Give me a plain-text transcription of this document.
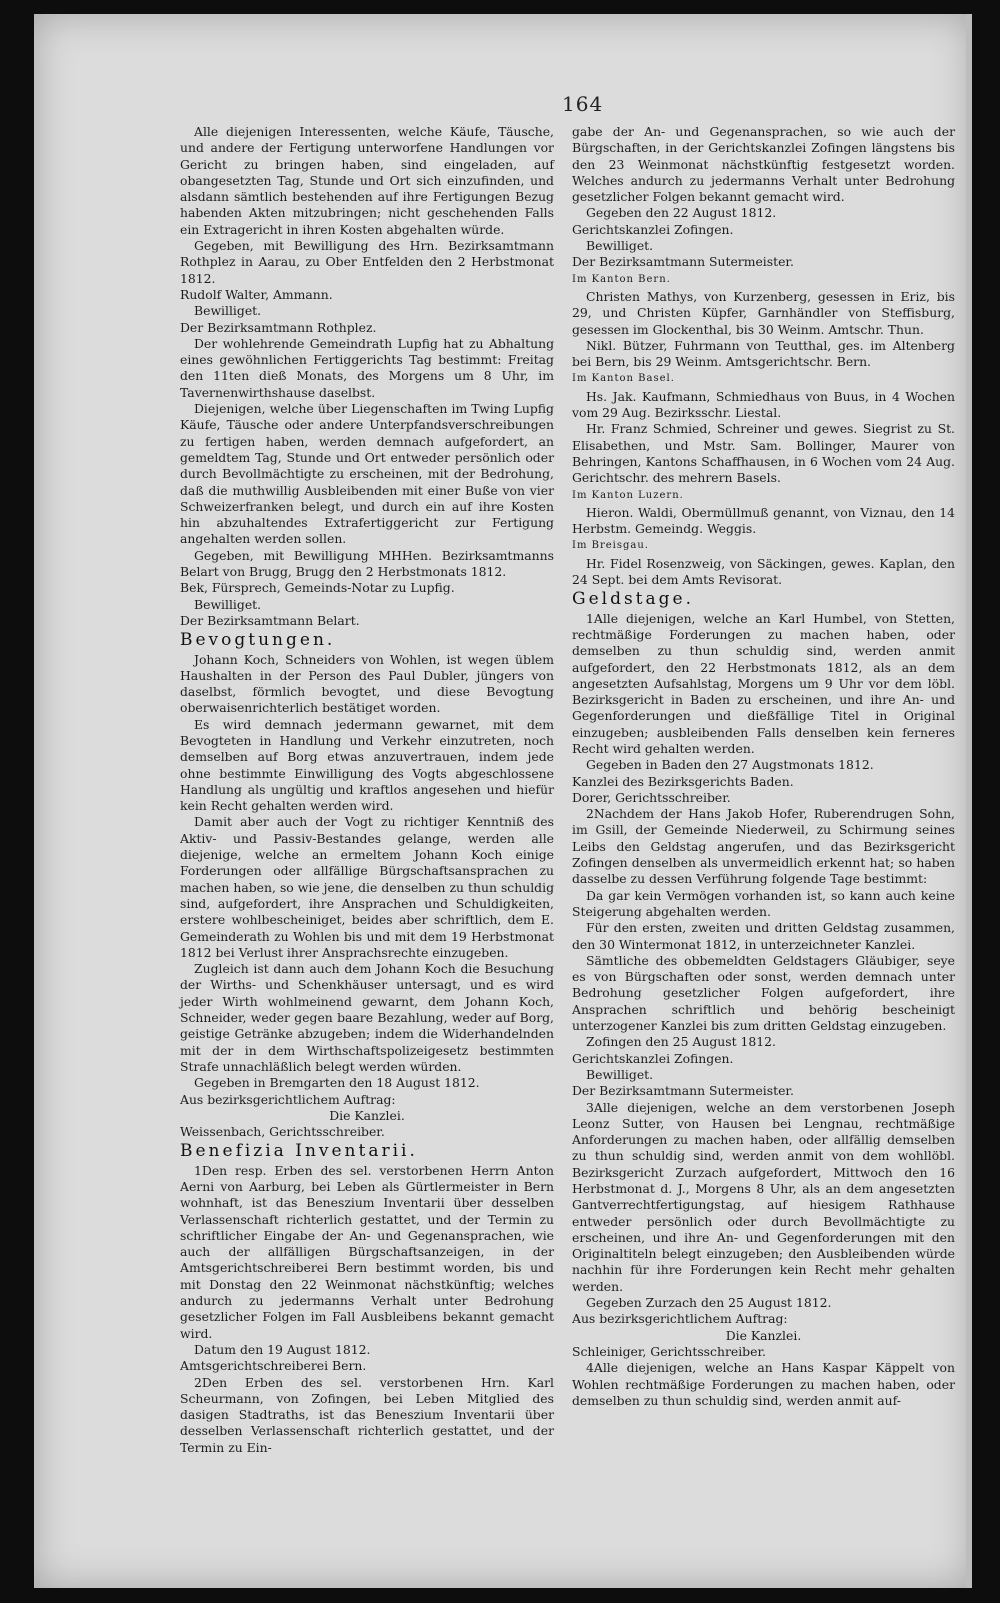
164

Alle diejenigen Interessenten, welche Käufe, Täusche, und andere der Fertigung unterworfene Handlungen vor Gericht zu bringen haben, sind eingeladen, auf obangesetzten Tag, Stunde und Ort sich einzufinden, und alsdann sämtlich bestehenden auf ihre Fertigungen Bezug habenden Akten mitzubringen; nicht geschehenden Falls ein Extragericht in ihren Kosten abgehalten würde.

Gegeben, mit Bewilligung des Hrn. Bezirksamtmann Rothplez in Aarau, zu Ober Entfelden den 2 Herbstmonat 1812.

Rudolf Walter, Ammann.

Bewilliget.

Der Bezirksamtmann Rothplez.

Der wohlehrende Gemeindrath Lupfig hat zu Abhaltung eines gewöhnlichen Fertiggerichts Tag bestimmt: Freitag den 11ten dieß Monats, des Morgens um 8 Uhr, im Tavernenwirthshause daselbst.

Diejenigen, welche über Liegenschaften im Twing Lupfig Käufe, Täusche oder andere Unterpfandsverschreibungen zu fertigen haben, werden demnach aufgefordert, an gemeldtem Tag, Stunde und Ort entweder persönlich oder durch Bevollmächtigte zu erscheinen, mit der Bedrohung, daß die muthwillig Ausbleibenden mit einer Buße von vier Schweizerfranken belegt, und durch ein auf ihre Kosten hin abzuhaltendes Extrafertiggericht zur Fertigung angehalten werden sollen.

Gegeben, mit Bewilligung MHHen. Bezirksamtmanns Belart von Brugg, Brugg den 2 Herbstmonats 1812.

Bek, Fürsprech, Gemeinds-Notar zu Lupfig.

Bewilliget.

Der Bezirksamtmann Belart.

Bevogtungen.

Johann Koch, Schneiders von Wohlen, ist wegen üblem Haushalten in der Person des Paul Dubler, jüngers von daselbst, förmlich bevogtet, und diese Bevogtung oberwaisenrichterlich bestätiget worden.

Es wird demnach jedermann gewarnet, mit dem Bevogteten in Handlung und Verkehr einzutreten, noch demselben auf Borg etwas anzuvertrauen, indem jede ohne bestimmte Einwilligung des Vogts abgeschlossene Handlung als ungültig und kraftlos angesehen und hiefür kein Recht gehalten werden wird.

Damit aber auch der Vogt zu richtiger Kenntniß des Aktiv- und Passiv-Bestandes gelange, werden alle diejenige, welche an ermeltem Johann Koch einige Forderungen oder allfällige Bürgschaftsansprachen zu machen haben, so wie jene, die denselben zu thun schuldig sind, aufgefordert, ihre Ansprachen und Schuldigkeiten, erstere wohlbescheiniget, beides aber schriftlich, dem E. Gemeinderath zu Wohlen bis und mit dem 19 Herbstmonat 1812 bei Verlust ihrer Ansprachsrechte einzugeben.

Zugleich ist dann auch dem Johann Koch die Besuchung der Wirths- und Schenkhäuser untersagt, und es wird jeder Wirth wohlmeinend gewarnt, dem Johann Koch, Schneider, weder gegen baare Bezahlung, weder auf Borg, geistige Getränke abzugeben; indem die Widerhandelnden mit der in dem Wirthschaftspolizeigesetz bestimmten Strafe unnachläßlich belegt werden würden.

Gegeben in Bremgarten den 18 August 1812.

Aus bezirksgerichtlichem Auftrag:

Die Kanzlei.

Weissenbach, Gerichtsschreiber.

Benefizia Inventarii.

1Den resp. Erben des sel. verstorbenen Herrn Anton Aerni von Aarburg, bei Leben als Gürtlermeister in Bern wohnhaft, ist das Beneszium Inventarii über desselben Verlassenschaft richterlich gestattet, und der Termin zu schriftlicher Eingabe der An- und Gegenansprachen, wie auch der allfälligen Bürgschaftsanzeigen, in der Amtsgerichtschreiberei Bern bestimmt worden, bis und mit Donstag den 22 Weinmonat nächstkünftig; welches andurch zu jedermanns Verhalt unter Bedrohung gesetzlicher Folgen im Fall Ausbleibens bekannt gemacht wird.

Datum den 19 August 1812.

Amtsgerichtschreiberei Bern.

2Den Erben des sel. verstorbenen Hrn. Karl Scheurmann, von Zofingen, bei Leben Mitglied des dasigen Stadtraths, ist das Beneszium Inventarii über desselben Verlassenschaft richterlich gestattet, und der Termin zu Ein-

gabe der An- und Gegenansprachen, so wie auch der Bürgschaften, in der Gerichtskanzlei Zofingen längstens bis den 23 Weinmonat nächstkünftig festgesetzt worden. Welches andurch zu jedermanns Verhalt unter Bedrohung gesetzlicher Folgen bekannt gemacht wird.

Gegeben den 22 August 1812.

Gerichtskanzlei Zofingen.

Bewilliget.

Der Bezirksamtmann Sutermeister.

Im Kanton Bern.

Christen Mathys, von Kurzenberg, gesessen in Eriz, bis 29, und Christen Küpfer, Garnhändler von Steffisburg, gesessen im Glockenthal, bis 30 Weinm. Amtschr. Thun.

Nikl. Bützer, Fuhrmann von Teutthal, ges. im Altenberg bei Bern, bis 29 Weinm. Amtsgerichtschr. Bern.

Im Kanton Basel.

Hs. Jak. Kaufmann, Schmiedhaus von Buus, in 4 Wochen vom 29 Aug. Bezirksschr. Liestal.

Hr. Franz Schmied, Schreiner und gewes. Siegrist zu St. Elisabethen, und Mstr. Sam. Bollinger, Maurer von Behringen, Kantons Schaffhausen, in 6 Wochen vom 24 Aug. Gerichtschr. des mehrern Basels.

Im Kanton Luzern.

Hieron. Waldi, Obermüllmuß genannt, von Viznau, den 14 Herbstm. Gemeindg. Weggis.

Im Breisgau.

Hr. Fidel Rosenzweig, von Säckingen, gewes. Kaplan, den 24 Sept. bei dem Amts Revisorat.

Geldstage.

1Alle diejenigen, welche an Karl Humbel, von Stetten, rechtmäßige Forderungen zu machen haben, oder demselben zu thun schuldig sind, werden anmit aufgefordert, den 22 Herbstmonats 1812, als an dem angesetzten Aufsahlstag, Morgens um 9 Uhr vor dem löbl. Bezirksgericht in Baden zu erscheinen, und ihre An- und Gegenforderungen und dießfällige Titel in Original einzugeben; ausbleibenden Falls denselben kein ferneres Recht wird gehalten werden.

Gegeben in Baden den 27 Augstmonats 1812.

Kanzlei des Bezirksgerichts Baden.

Dorer, Gerichtsschreiber.

2Nachdem der Hans Jakob Hofer, Ruberendrugen Sohn, im Gsill, der Gemeinde Niederweil, zu Schirmung seines Leibs den Geldstag angerufen, und das Bezirksgericht Zofingen denselben als unvermeidlich erkennt hat; so haben dasselbe zu dessen Verführung folgende Tage bestimmt:

Da gar kein Vermögen vorhanden ist, so kann auch keine Steigerung abgehalten werden.

Für den ersten, zweiten und dritten Geldstag zusammen, den 30 Wintermonat 1812, in unterzeichneter Kanzlei.

Sämtliche des obbemeldten Geldstagers Gläubiger, seye es von Bürgschaften oder sonst, werden demnach unter Bedrohung gesetzlicher Folgen aufgefordert, ihre Ansprachen schriftlich und behörig bescheinigt unterzogener Kanzlei bis zum dritten Geldstag einzugeben.

Zofingen den 25 August 1812.

Gerichtskanzlei Zofingen.

Bewilliget.

Der Bezirksamtmann Sutermeister.

3Alle diejenigen, welche an dem verstorbenen Joseph Leonz Sutter, von Hausen bei Lengnau, rechtmäßige Anforderungen zu machen haben, oder allfällig demselben zu thun schuldig sind, werden anmit von dem wohllöbl. Bezirksgericht Zurzach aufgefordert, Mittwoch den 16 Herbstmonat d. J., Morgens 8 Uhr, als an dem angesetzten Gantverrechtfertigungstag, auf hiesigem Rathhause entweder persönlich oder durch Bevollmächtigte zu erscheinen, und ihre An- und Gegenforderungen mit den Originaltiteln belegt einzugeben; den Ausbleibenden würde nachhin für ihre Forderungen kein Recht mehr gehalten werden.

Gegeben Zurzach den 25 August 1812.

Aus bezirksgerichtlichem Auftrag:

Die Kanzlei.

Schleiniger, Gerichtsschreiber.

4Alle diejenigen, welche an Hans Kaspar Käppelt von Wohlen rechtmäßige Forderungen zu machen haben, oder demselben zu thun schuldig sind, werden anmit auf-
